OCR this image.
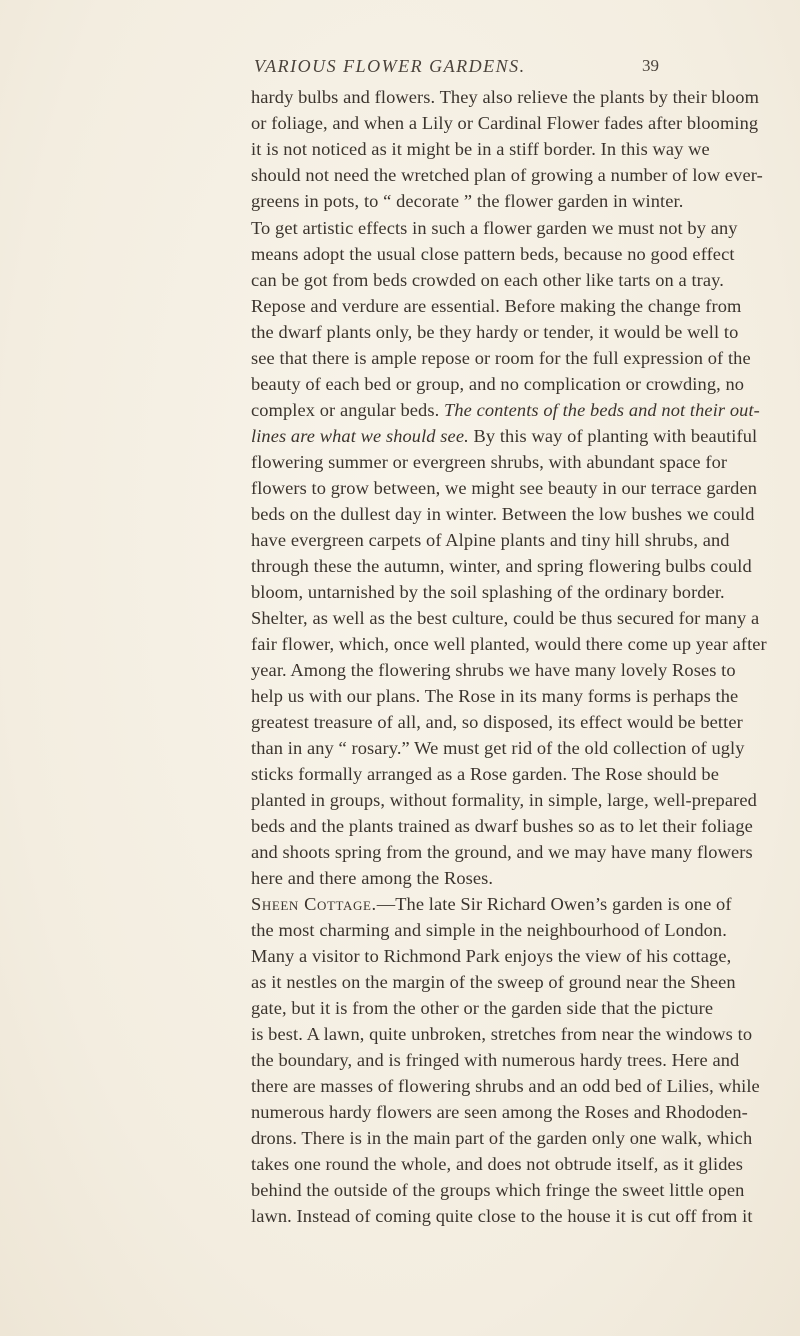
VARIOUS FLOWER GARDENS.	39
hardy bulbs and flowers. They also relieve the plants by their bloom
or foliage, and when a Lily or Cardinal Flower fades after blooming
it is not noticed as it might be in a stiff border. In this way we
should not need the wretched plan of growing a number of low ever-
greens in pots, to “ decorate ” the flower garden in winter.
To get artistic effects in such a flower garden we must not by any
means adopt the usual close pattern beds, because no good effect
can be got from beds crowded on each other like tarts on a tray.
Repose and verdure are essential. Before making the change from
the dwarf plants only, be they hardy or tender, it would be well to
see that there is ample repose or room for the full expression of the
beauty of each bed or group, and no complication or crowding, no
complex or angular beds. The contents of the beds and not their out-
lines are what we should see. By this way of planting with beautiful
flowering summer or evergreen shrubs, with abundant space for
flowers to grow between, we might see beauty in our terrace garden
beds on the dullest day in winter. Between the low bushes we could
have evergreen carpets of Alpine plants and tiny hill shrubs, and
through these the autumn, winter, and spring flowering bulbs could
bloom, untarnished by the soil splashing of the ordinary border.
Shelter, as well as the best culture, could be thus secured for many a
fair flower, which, once well planted, would there come up year after
year. Among the flowering shrubs we have many lovely Roses to
help us with our plans. The Rose in its many forms is perhaps the
greatest treasure of all, and, so disposed, its effect would be better
than in any “ rosary.” We must get rid of the old collection of ugly
sticks formally arranged as a Rose garden. The Rose should be
planted in groups, without formality, in simple, large, well-prepared
beds and the plants trained as dwarf bushes so as to let their foliage
and shoots spring from the ground, and we may have many flowers
here and there among the Roses.
Sheen Cottage.—The late Sir Richard Owen’s garden is one of
the most charming and simple in the neighbourhood of London.
Many a visitor to Richmond Park enjoys the view of his cottage,
as it nestles on the margin of the sweep of ground near the Sheen
gate, but it is from the other or the garden side that the picture
is best. A lawn, quite unbroken, stretches from near the windows to
the boundary, and is fringed with numerous hardy trees. Here and
there are masses of flowering shrubs and an odd bed of Lilies, while
numerous hardy flowers are seen among the Roses and Rhododen-
drons. There is in the main part of the garden only one walk, which
takes one round the whole, and does not obtrude itself, as it glides
behind the outside of the groups which fringe the sweet little open
lawn. Instead of coming quite close to the house it is cut off from it
